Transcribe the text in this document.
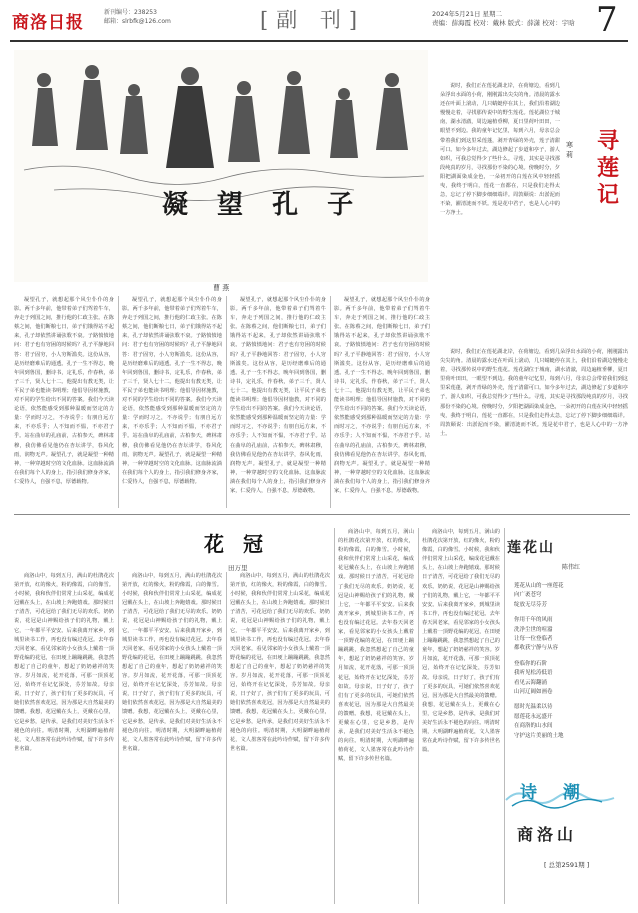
商洛日报
新刊编号：238253
邮箱：slrbfk@126.com	[副 刊]	2024年5月21日 星期二
责编：薛海霞 校对：戴林 版式：薛潇 校对：宇晗 7
凝 望 孔 子
曹 燕
说时，我们正在莲花湖北岸，在荷塘边，看到几朵浮出水面的小荷，刚刚露出尖尖的角。清晨的露水还在叶面上滚动，几只蜻蜓停在其上，我们沿着湖边慢慢走着，寻找那传说中的野生莲花。莲花湖位于城南，湖水清澈，周边遍植垂柳，夏日里荷叶田田，一眼望不到边。我的童年记忆里，每到六月，母亲总会带着我们到这里采莲蓬，剥开青绿的外壳，莲子清甜可口。如今多年过去，湖边修起了步道和亭子，游人如织，可我总觉得少了些什么。寻莲，其实是寻找那段纯真的岁月，寻找那份不染的心境。傍晚时分，夕阳把湖面染成金色，一朵初开的白莲在风中轻轻摇曳，我终于明白，莲花一直都在，只是我们走得太急，忘记了停下脚步细细端详。周敦颐说：出淤泥而不染，濯清涟而不妖。莲是花中君子，也是人心中的一方净土。
寒 莉
寻 莲 记
说时，我们正在莲花湖北岸，在荷塘边，看到几朵浮出水面的小荷，刚刚露出尖尖的角。清晨的露水还在叶面上滚动，几只蜻蜓停在其上，我们沿着湖边慢慢走着，寻找那传说中的野生莲花。莲花湖位于城南，湖水清澈，周边遍植垂柳，夏日里荷叶田田，一眼望不到边。我的童年记忆里，每到六月，母亲总会带着我们到这里采莲蓬，剥开青绿的外壳，莲子清甜可口。如今多年过去，湖边修起了步道和亭子，游人如织，可我总觉得少了些什么。寻莲，其实是寻找那段纯真的岁月，寻找那份不染的心境。傍晚时分，夕阳把湖面染成金色，一朵初开的白莲在风中轻轻摇曳，我终于明白，莲花一直都在，只是我们走得太急，忘记了停下脚步细细端详。周敦颐说：出淤泥而不染，濯清涟而不妖。莲是花中君子，也是人心中的一方净土。
凝望孔子，就想起那个风尘仆仆的身影。两千多年前，他带着弟子们驾着牛车，奔走于列国之间，推行他的仁政主张。在陈蔡之间，他们断粮七日，弟子们饿得站不起来，孔子却依然讲诵弦歌不衰。子路愤愤地问：君子也有穷困的时候吗？孔子平静地回答：君子固穷，小人穷斯滥矣。这份从容，是历经磨难后的通透。孔子一生不得志，晚年回到鲁国，删诗书，定礼乐，作春秋，弟子三千，贤人七十二。他提出有教无类，让平民子弟也能读书明理；他倡导因材施教，对不同的学生给出不同的答案。我们今天读论语，依然能感受到那种温暖而坚定的力量：学而时习之，不亦说乎；有朋自远方来，不亦乐乎；人不知而不愠，不亦君子乎。站在曲阜的孔庙前，古柏参天，碑林肃穆，我仿佛看见他仍在杏坛讲学，春风化雨，润物无声。凝望孔子，就是凝望一种精神，一种穿越时空的文化血脉。这血脉流淌在我们每个人的身上，指引我们修身齐家，仁爱待人，自强不息，厚德载物。
凝望孔子，就想起那个风尘仆仆的身影。两千多年前，他带着弟子们驾着牛车，奔走于列国之间，推行他的仁政主张。在陈蔡之间，他们断粮七日，弟子们饿得站不起来，孔子却依然讲诵弦歌不衰。子路愤愤地问：君子也有穷困的时候吗？孔子平静地回答：君子固穷，小人穷斯滥矣。这份从容，是历经磨难后的通透。孔子一生不得志，晚年回到鲁国，删诗书，定礼乐，作春秋，弟子三千，贤人七十二。他提出有教无类，让平民子弟也能读书明理；他倡导因材施教，对不同的学生给出不同的答案。我们今天读论语，依然能感受到那种温暖而坚定的力量：学而时习之，不亦说乎；有朋自远方来，不亦乐乎；人不知而不愠，不亦君子乎。站在曲阜的孔庙前，古柏参天，碑林肃穆，我仿佛看见他仍在杏坛讲学，春风化雨，润物无声。凝望孔子，就是凝望一种精神，一种穿越时空的文化血脉。这血脉流淌在我们每个人的身上，指引我们修身齐家，仁爱待人，自强不息，厚德载物。
凝望孔子，就想起那个风尘仆仆的身影。两千多年前，他带着弟子们驾着牛车，奔走于列国之间，推行他的仁政主张。在陈蔡之间，他们断粮七日，弟子们饿得站不起来，孔子却依然讲诵弦歌不衰。子路愤愤地问：君子也有穷困的时候吗？孔子平静地回答：君子固穷，小人穷斯滥矣。这份从容，是历经磨难后的通透。孔子一生不得志，晚年回到鲁国，删诗书，定礼乐，作春秋，弟子三千，贤人七十二。他提出有教无类，让平民子弟也能读书明理；他倡导因材施教，对不同的学生给出不同的答案。我们今天读论语，依然能感受到那种温暖而坚定的力量：学而时习之，不亦说乎；有朋自远方来，不亦乐乎；人不知而不愠，不亦君子乎。站在曲阜的孔庙前，古柏参天，碑林肃穆，我仿佛看见他仍在杏坛讲学，春风化雨，润物无声。凝望孔子，就是凝望一种精神，一种穿越时空的文化血脉。这血脉流淌在我们每个人的身上，指引我们修身齐家，仁爱待人，自强不息，厚德载物。
凝望孔子，就想起那个风尘仆仆的身影。两千多年前，他带着弟子们驾着牛车，奔走于列国之间，推行他的仁政主张。在陈蔡之间，他们断粮七日，弟子们饿得站不起来，孔子却依然讲诵弦歌不衰。子路愤愤地问：君子也有穷困的时候吗？孔子平静地回答：君子固穷，小人穷斯滥矣。这份从容，是历经磨难后的通透。孔子一生不得志，晚年回到鲁国，删诗书，定礼乐，作春秋，弟子三千，贤人七十二。他提出有教无类，让平民子弟也能读书明理；他倡导因材施教，对不同的学生给出不同的答案。我们今天读论语，依然能感受到那种温暖而坚定的力量：学而时习之，不亦说乎；有朋自远方来，不亦乐乎；人不知而不愠，不亦君子乎。站在曲阜的孔庙前，古柏参天，碑林肃穆，我仿佛看见他仍在杏坛讲学，春风化雨，润物无声。凝望孔子，就是凝望一种精神，一种穿越时空的文化血脉。这血脉流淌在我们每个人的身上，指引我们修身齐家，仁爱待人，自强不息，厚德载物。
花 冠
田万里
商洛山中，每到五月，满山的杜鹃花次第开放，红的像火，粉的像霞，白的像雪。小时候，我和伙伴们常常上山采花，编成花冠戴在头上，在山坡上奔跑嬉戏。那时候日子清苦，可花冠给了我们无尽的欢乐。奶奶说，花冠是山神赐给孩子们的礼物，戴上它，一年都平平安安。后来我离开家乡，到城里读书工作，再也没有编过花冠。去年春天回老家，看见邻家的小女孩头上戴着一顶野花编的花冠，在田埂上蹦蹦跳跳，我忽然想起了自己的童年，想起了奶奶慈祥的笑容。岁月如流，花开花落，可那一顶顶花冠，始终开在记忆深处，芬芳如故。母亲说，日子好了，孩子们有了更多的玩具，可她们依然喜欢花冠，因为那是大自然最美的馈赠。我想，花冠戴在头上，更戴在心里，它是乡愁，是传承，是我们对美好生活永不褪色的向往。明清时期，大明湖畔遍植荷花，文人墨客常在此吟诗作赋，留下许多传世名篇。
商洛山中，每到五月，满山的杜鹃花次第开放，红的像火，粉的像霞，白的像雪。小时候，我和伙伴们常常上山采花，编成花冠戴在头上，在山坡上奔跑嬉戏。那时候日子清苦，可花冠给了我们无尽的欢乐。奶奶说，花冠是山神赐给孩子们的礼物，戴上它，一年都平平安安。后来我离开家乡，到城里读书工作，再也没有编过花冠。去年春天回老家，看见邻家的小女孩头上戴着一顶野花编的花冠，在田埂上蹦蹦跳跳，我忽然想起了自己的童年，想起了奶奶慈祥的笑容。岁月如流，花开花落，可那一顶顶花冠，始终开在记忆深处，芬芳如故。母亲说，日子好了，孩子们有了更多的玩具，可她们依然喜欢花冠，因为那是大自然最美的馈赠。我想，花冠戴在头上，更戴在心里，它是乡愁，是传承，是我们对美好生活永不褪色的向往。明清时期，大明湖畔遍植荷花，文人墨客常在此吟诗作赋，留下许多传世名篇。
商洛山中，每到五月，满山的杜鹃花次第开放，红的像火，粉的像霞，白的像雪。小时候，我和伙伴们常常上山采花，编成花冠戴在头上，在山坡上奔跑嬉戏。那时候日子清苦，可花冠给了我们无尽的欢乐。奶奶说，花冠是山神赐给孩子们的礼物，戴上它，一年都平平安安。后来我离开家乡，到城里读书工作，再也没有编过花冠。去年春天回老家，看见邻家的小女孩头上戴着一顶野花编的花冠，在田埂上蹦蹦跳跳，我忽然想起了自己的童年，想起了奶奶慈祥的笑容。岁月如流，花开花落，可那一顶顶花冠，始终开在记忆深处，芬芳如故。母亲说，日子好了，孩子们有了更多的玩具，可她们依然喜欢花冠，因为那是大自然最美的馈赠。我想，花冠戴在头上，更戴在心里，它是乡愁，是传承，是我们对美好生活永不褪色的向往。明清时期，大明湖畔遍植荷花，文人墨客常在此吟诗作赋，留下许多传世名篇。
商洛山中，每到五月，满山的杜鹃花次第开放，红的像火，粉的像霞，白的像雪。小时候，我和伙伴们常常上山采花，编成花冠戴在头上，在山坡上奔跑嬉戏。那时候日子清苦，可花冠给了我们无尽的欢乐。奶奶说，花冠是山神赐给孩子们的礼物，戴上它，一年都平平安安。后来我离开家乡，到城里读书工作，再也没有编过花冠。去年春天回老家，看见邻家的小女孩头上戴着一顶野花编的花冠，在田埂上蹦蹦跳跳，我忽然想起了自己的童年，想起了奶奶慈祥的笑容。岁月如流，花开花落，可那一顶顶花冠，始终开在记忆深处，芬芳如故。母亲说，日子好了，孩子们有了更多的玩具，可她们依然喜欢花冠，因为那是大自然最美的馈赠。我想，花冠戴在头上，更戴在心里，它是乡愁，是传承，是我们对美好生活永不褪色的向往。明清时期，大明湖畔遍植荷花，文人墨客常在此吟诗作赋，留下许多传世名篇。
商洛山中，每到五月，满山的杜鹃花次第开放，红的像火，粉的像霞，白的像雪。小时候，我和伙伴们常常上山采花，编成花冠戴在头上，在山坡上奔跑嬉戏。那时候日子清苦，可花冠给了我们无尽的欢乐。奶奶说，花冠是山神赐给孩子们的礼物，戴上它，一年都平平安安。后来我离开家乡，到城里读书工作，再也没有编过花冠。去年春天回老家，看见邻家的小女孩头上戴着一顶野花编的花冠，在田埂上蹦蹦跳跳，我忽然想起了自己的童年，想起了奶奶慈祥的笑容。岁月如流，花开花落，可那一顶顶花冠，始终开在记忆深处，芬芳如故。母亲说，日子好了，孩子们有了更多的玩具，可她们依然喜欢花冠，因为那是大自然最美的馈赠。我想，花冠戴在头上，更戴在心里，它是乡愁，是传承，是我们对美好生活永不褪色的向往。明清时期，大明湖畔遍植荷花，文人墨客常在此吟诗作赋，留下许多传世名篇。
莲花山
陈伟红
莲花从山的一座莲花
向广袤苍穹
绽放无尽芬芳
你用千年的风雨
洗净尘世的喧嚣
让每一位登临者
都收获宁静与从容
登临你的石阶
我听见松涛低语
看见云海翻涌
山河辽阔如画卷
愿时光温柔以待
愿莲花永远盛开
在商洛的山水间
守护这片美丽的土地
诗 潮
商洛山
[ 总第2591期 ]
